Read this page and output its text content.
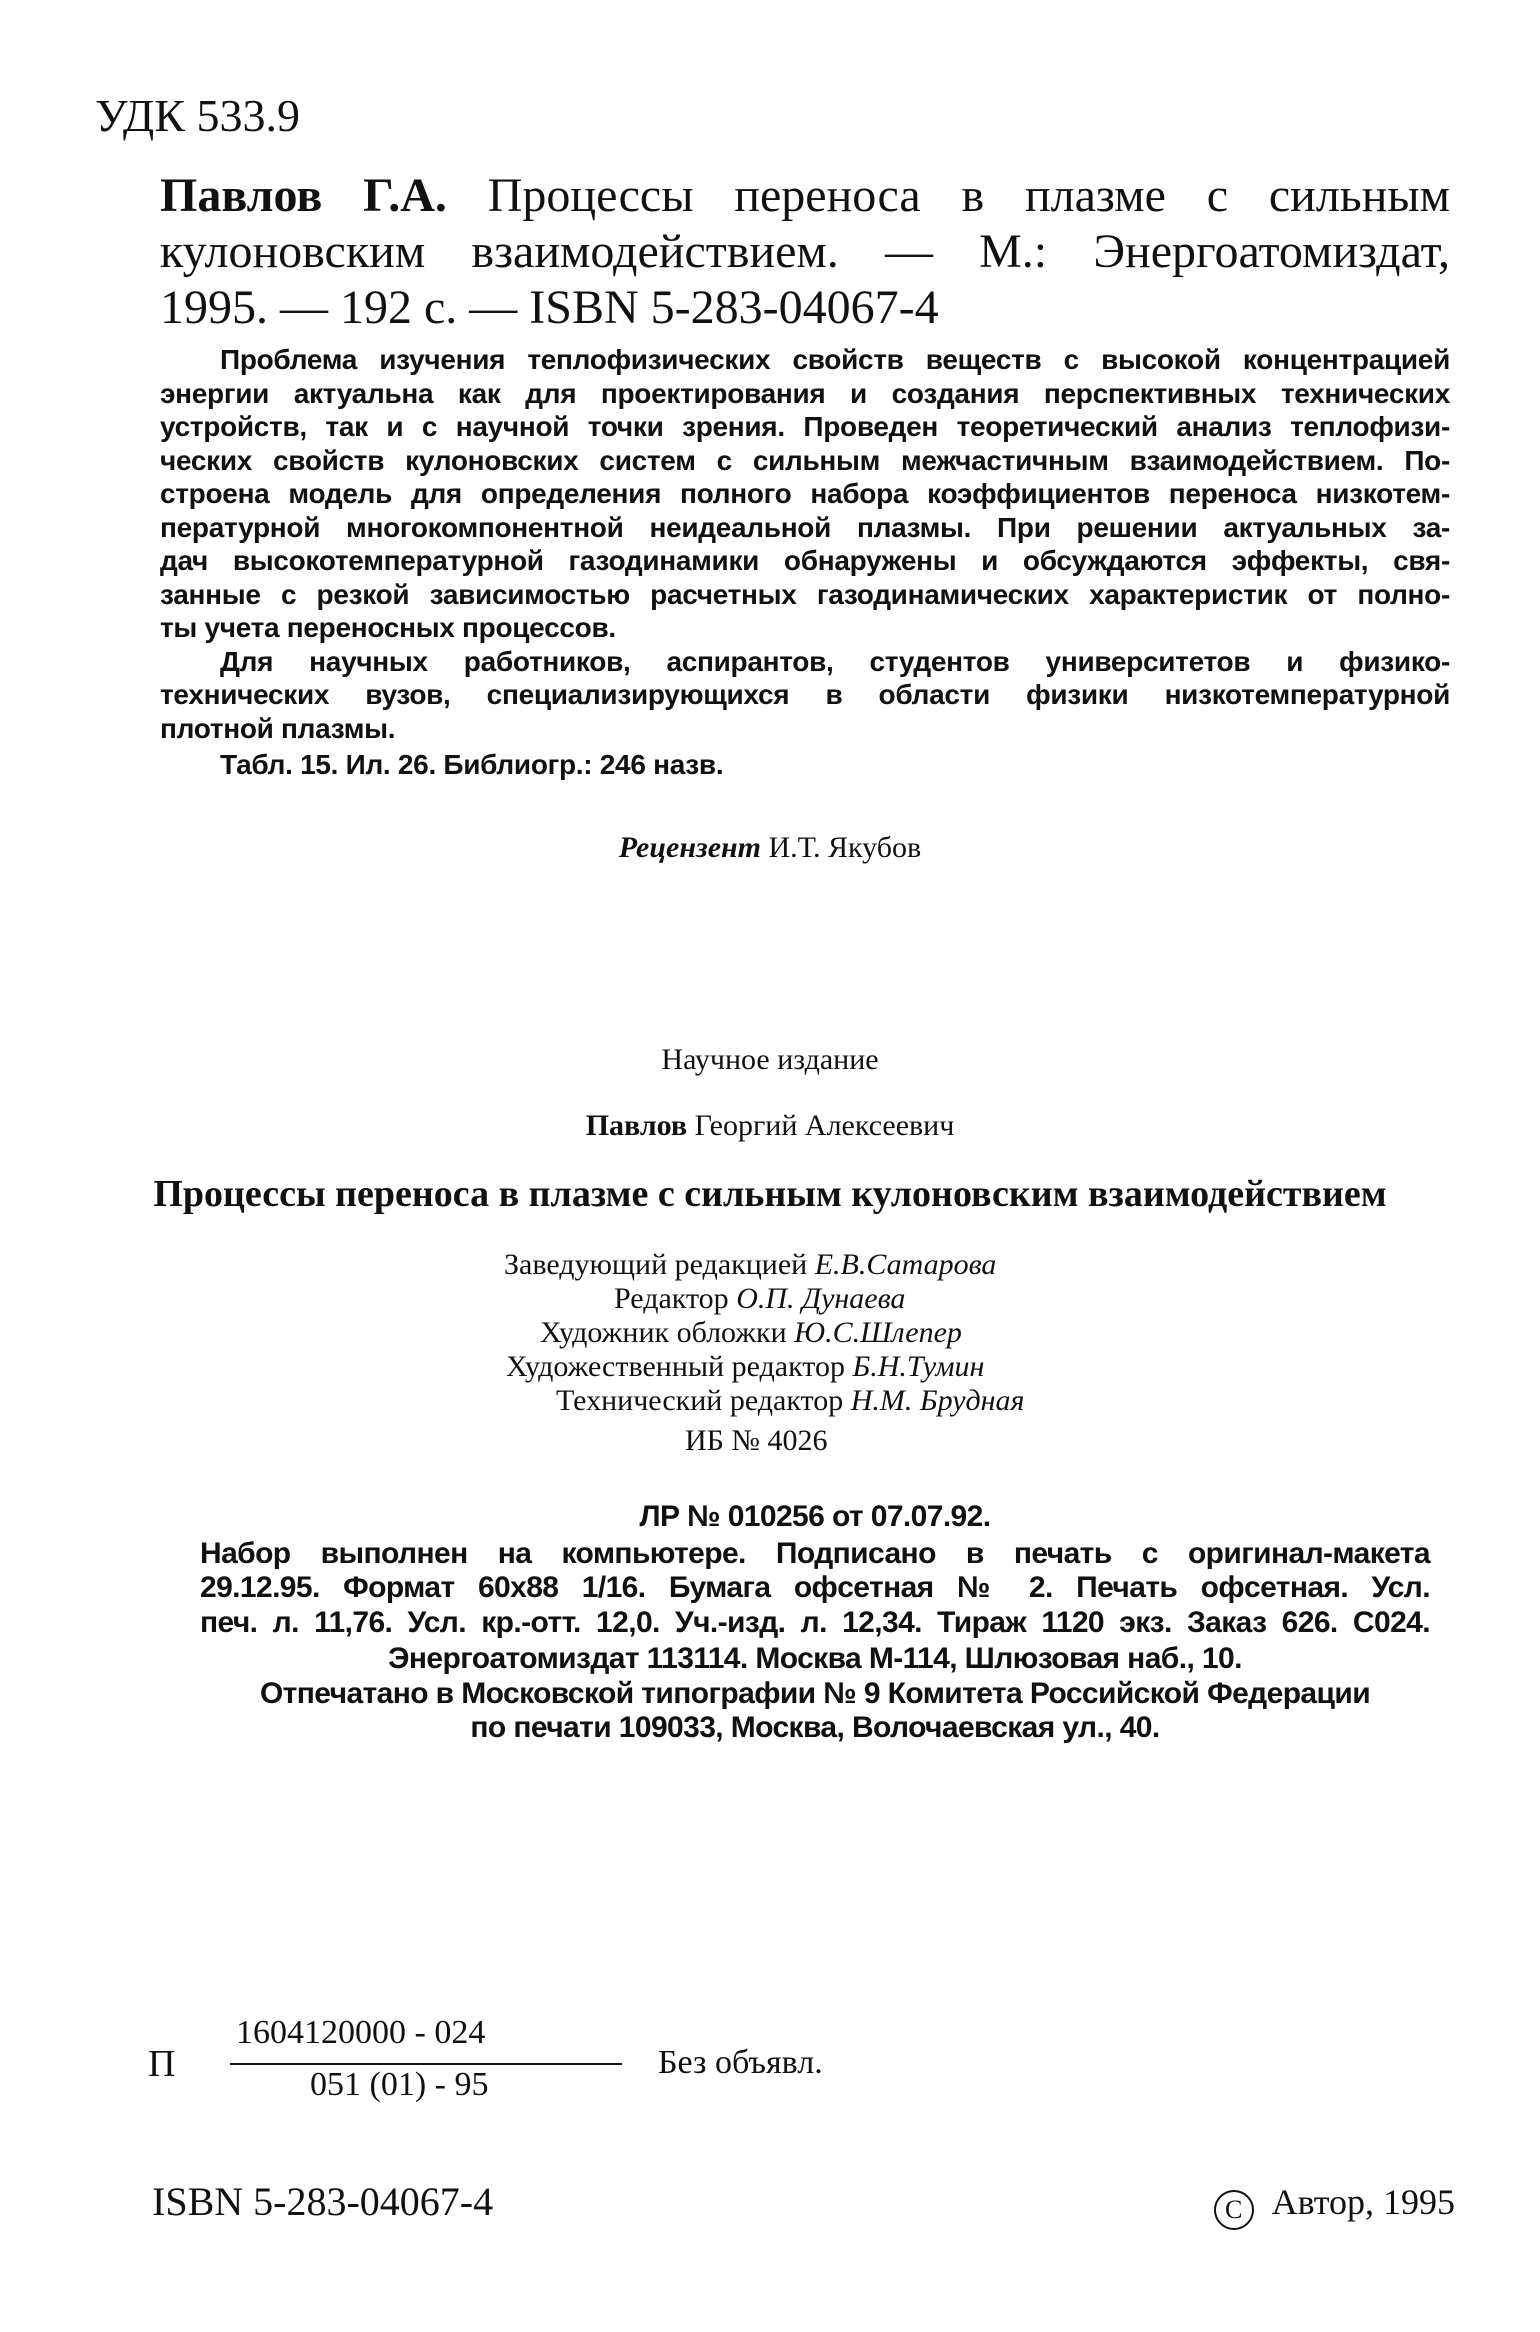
УДК 533.9
Павлов Г.А. Процессы переноса в плазме с сильным
кулоновским взаимодействием. — М.: Энергоатомиздат,
1995. — 192 с. — ISBN 5-283-04067-4
Проблема изучения теплофизических свойств веществ с высокой концентрацией
энергии актуальна как для проектирования и создания перспективных технических
устройств, так и с научной точки зрения. Проведен теоретический анализ теплофизи-
ческих свойств кулоновских систем с сильным межчастичным взаимодействием. По-
строена модель для определения полного набора коэффициентов переноса низкотем-
пературной многокомпонентной неидеальной плазмы. При решении актуальных за-
дач высокотемпературной газодинамики обнаружены и обсуждаются эффекты, свя-
занные с резкой зависимостью расчетных газодинамических характеристик от полно-
ты учета переносных процессов.
Для научных работников, аспирантов, студентов университетов и физико-
технических вузов, специализирующихся в области физики низкотемпературной
плотной плазмы.
Табл. 15. Ил. 26. Библиогр.: 246 назв.
Рецензент И.Т. Якубов
Научное издание
Павлов Георгий Алексеевич
Процессы переноса в плазме с сильным кулоновским взаимодействием
Заведующий редакцией Е.В.Сатарова
Редактор О.П. Дунаева
Художник обложки Ю.С.Шлепер
Художественный редактор Б.Н.Тумин
Технический редактор Н.М. Брудная
ИБ № 4026
ЛР № 010256 от 07.07.92.
Набор выполнен на компьютере. Подписано в печать с оригинал-макета
29.12.95. Формат 60x88 1/16. Бумага офсетная № 2. Печать офсетная. Усл.
печ. л. 11,76. Усл. кр.-отт. 12,0. Уч.-изд. л. 12,34. Тираж 1120 экз. Заказ 626. С024.
Энергоатомиздат 113114. Москва М-114, Шлюзовая наб., 10.
Отпечатано в Московской типографии № 9 Комитета Российской Федерации
по печати 109033, Москва, Волочаевская ул., 40.
П
1604120000 - 024
051 (01) - 95
Без объявл.
ISBN 5-283-04067-4	C Автор, 1995
